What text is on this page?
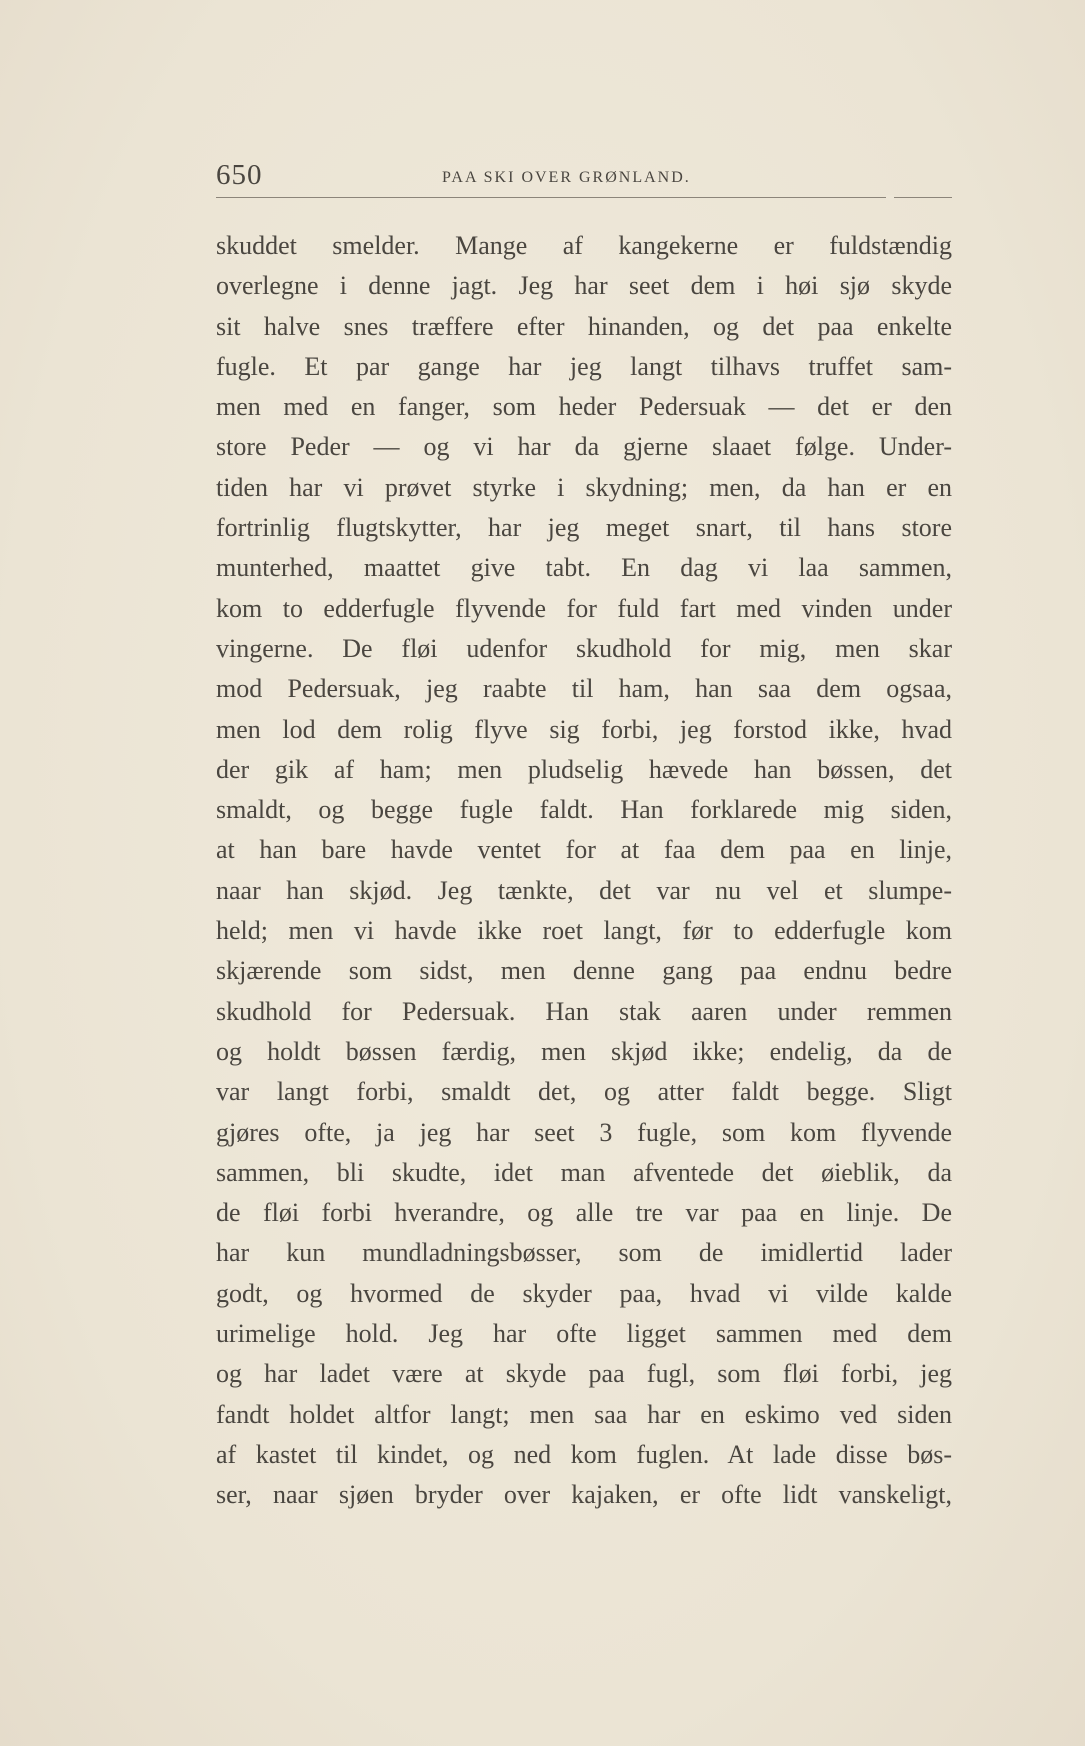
650	PAA SKI OVER GRØNLAND.
skuddet smelder. Mange af kangekerne er fuldstændig
overlegne i denne jagt. Jeg har seet dem i høi sjø skyde
sit halve snes træffere efter hinanden, og det paa enkelte
fugle. Et par gange har jeg langt tilhavs truffet sam-
men med en fanger, som heder Pedersuak — det er den
store Peder — og vi har da gjerne slaaet følge. Under-
tiden har vi prøvet styrke i skydning; men, da han er en
fortrinlig flugtskytter, har jeg meget snart, til hans store
munterhed, maattet give tabt. En dag vi laa sammen,
kom to edderfugle flyvende for fuld fart med vinden under
vingerne. De fløi udenfor skudhold for mig, men skar
mod Pedersuak, jeg raabte til ham, han saa dem ogsaa,
men lod dem rolig flyve sig forbi, jeg forstod ikke, hvad
der gik af ham; men pludselig hævede han bøssen, det
smaldt, og begge fugle faldt. Han forklarede mig siden,
at han bare havde ventet for at faa dem paa en linje,
naar han skjød. Jeg tænkte, det var nu vel et slumpe-
held; men vi havde ikke roet langt, før to edderfugle kom
skjærende som sidst, men denne gang paa endnu bedre
skudhold for Pedersuak. Han stak aaren under remmen
og holdt bøssen færdig, men skjød ikke; endelig, da de
var langt forbi, smaldt det, og atter faldt begge. Sligt
gjøres ofte, ja jeg har seet 3 fugle, som kom flyvende
sammen, bli skudte, idet man afventede det øieblik, da
de fløi forbi hverandre, og alle tre var paa en linje. De
har kun mundladningsbøsser, som de imidlertid lader
godt, og hvormed de skyder paa, hvad vi vilde kalde
urimelige hold. Jeg har ofte ligget sammen med dem
og har ladet være at skyde paa fugl, som fløi forbi, jeg
fandt holdet altfor langt; men saa har en eskimo ved siden
af kastet til kindet, og ned kom fuglen. At lade disse bøs-
ser, naar sjøen bryder over kajaken, er ofte lidt vanskeligt,
